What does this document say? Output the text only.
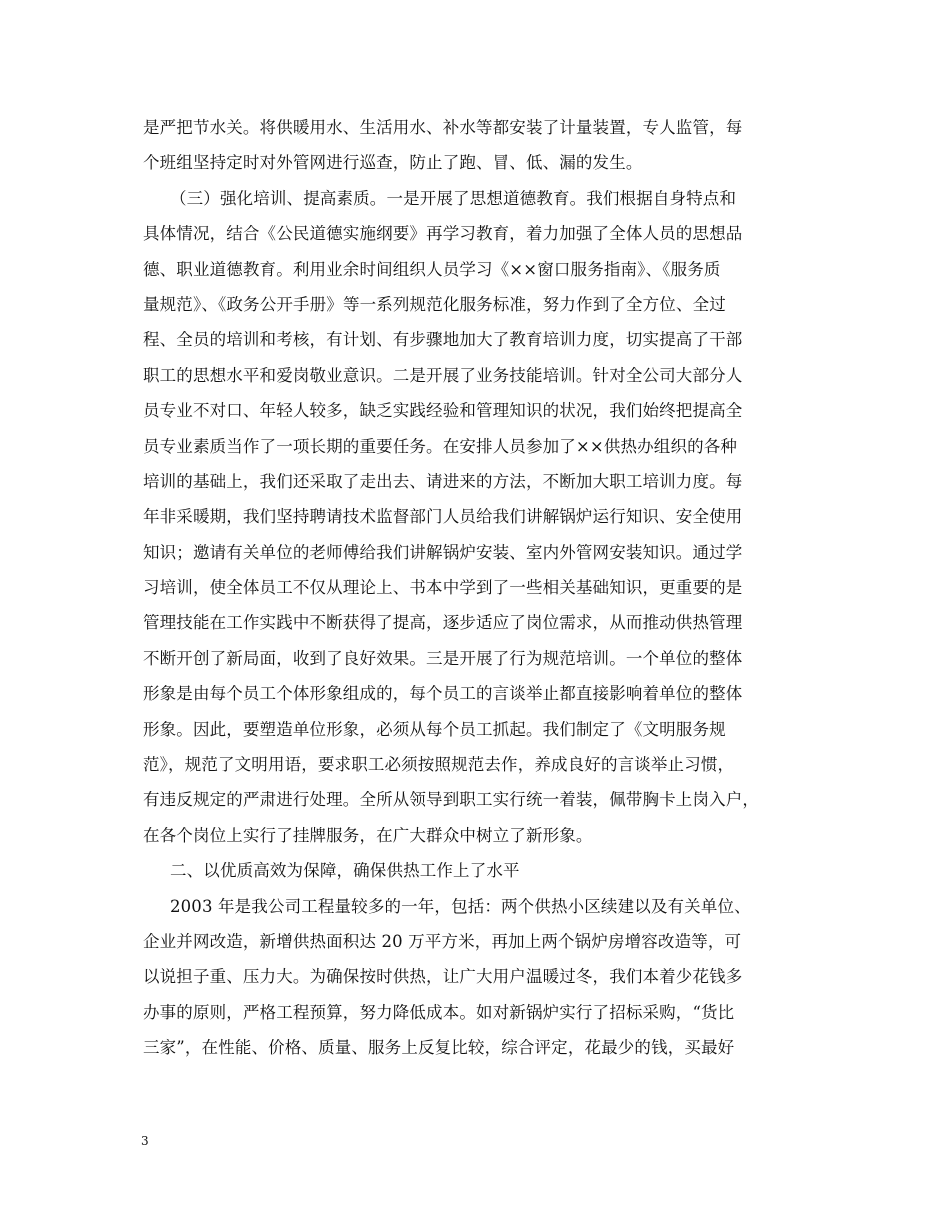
是严把节水关。将供暖用水、生活用水、补水等都安装了计量装置，专人监管，每
个班组坚持定时对外管网进行巡查，防止了跑、冒、低、漏的发生。
（三）强化培训、提高素质。一是开展了思想道德教育。我们根据自身特点和
具体情况，结合《公民道德实施纲要》再学习教育，着力加强了全体人员的思想品
德、职业道德教育。利用业余时间组织人员学习《××窗口服务指南》、《服务质
量规范》、《政务公开手册》等一系列规范化服务标准，努力作到了全方位、全过
程、全员的培训和考核，有计划、有步骤地加大了教育培训力度，切实提高了干部
职工的思想水平和爱岗敬业意识。二是开展了业务技能培训。针对全公司大部分人
员专业不对口、年轻人较多，缺乏实践经验和管理知识的状况，我们始终把提高全
员专业素质当作了一项长期的重要任务。在安排人员参加了××供热办组织的各种
培训的基础上，我们还采取了走出去、请进来的方法，不断加大职工培训力度。每
年非采暖期，我们坚持聘请技术监督部门人员给我们讲解锅炉运行知识、安全使用
知识；邀请有关单位的老师傅给我们讲解锅炉安装、室内外管网安装知识。通过学
习培训，使全体员工不仅从理论上、书本中学到了一些相关基础知识，更重要的是
管理技能在工作实践中不断获得了提高，逐步适应了岗位需求，从而推动供热管理
不断开创了新局面，收到了良好效果。三是开展了行为规范培训。一个单位的整体
形象是由每个员工个体形象组成的，每个员工的言谈举止都直接影响着单位的整体
形象。因此，要塑造单位形象，必须从每个员工抓起。我们制定了《文明服务规
范》，规范了文明用语，要求职工必须按照规范去作，养成良好的言谈举止习惯，
有违反规定的严肃进行处理。全所从领导到职工实行统一着装，佩带胸卡上岗入户，
在各个岗位上实行了挂牌服务，在广大群众中树立了新形象。
二、以优质高效为保障，确保供热工作上了水平
2003 年是我公司工程量较多的一年，包括：两个供热小区续建以及有关单位、
企业并网改造，新增供热面积达 20 万平方米，再加上两个锅炉房增容改造等，可
以说担子重、压力大。为确保按时供热，让广大用户温暖过冬，我们本着少花钱多
办事的原则，严格工程预算，努力降低成本。如对新锅炉实行了招标采购，“货比
三家”，在性能、价格、质量、服务上反复比较，综合评定，花最少的钱，买最好
3
